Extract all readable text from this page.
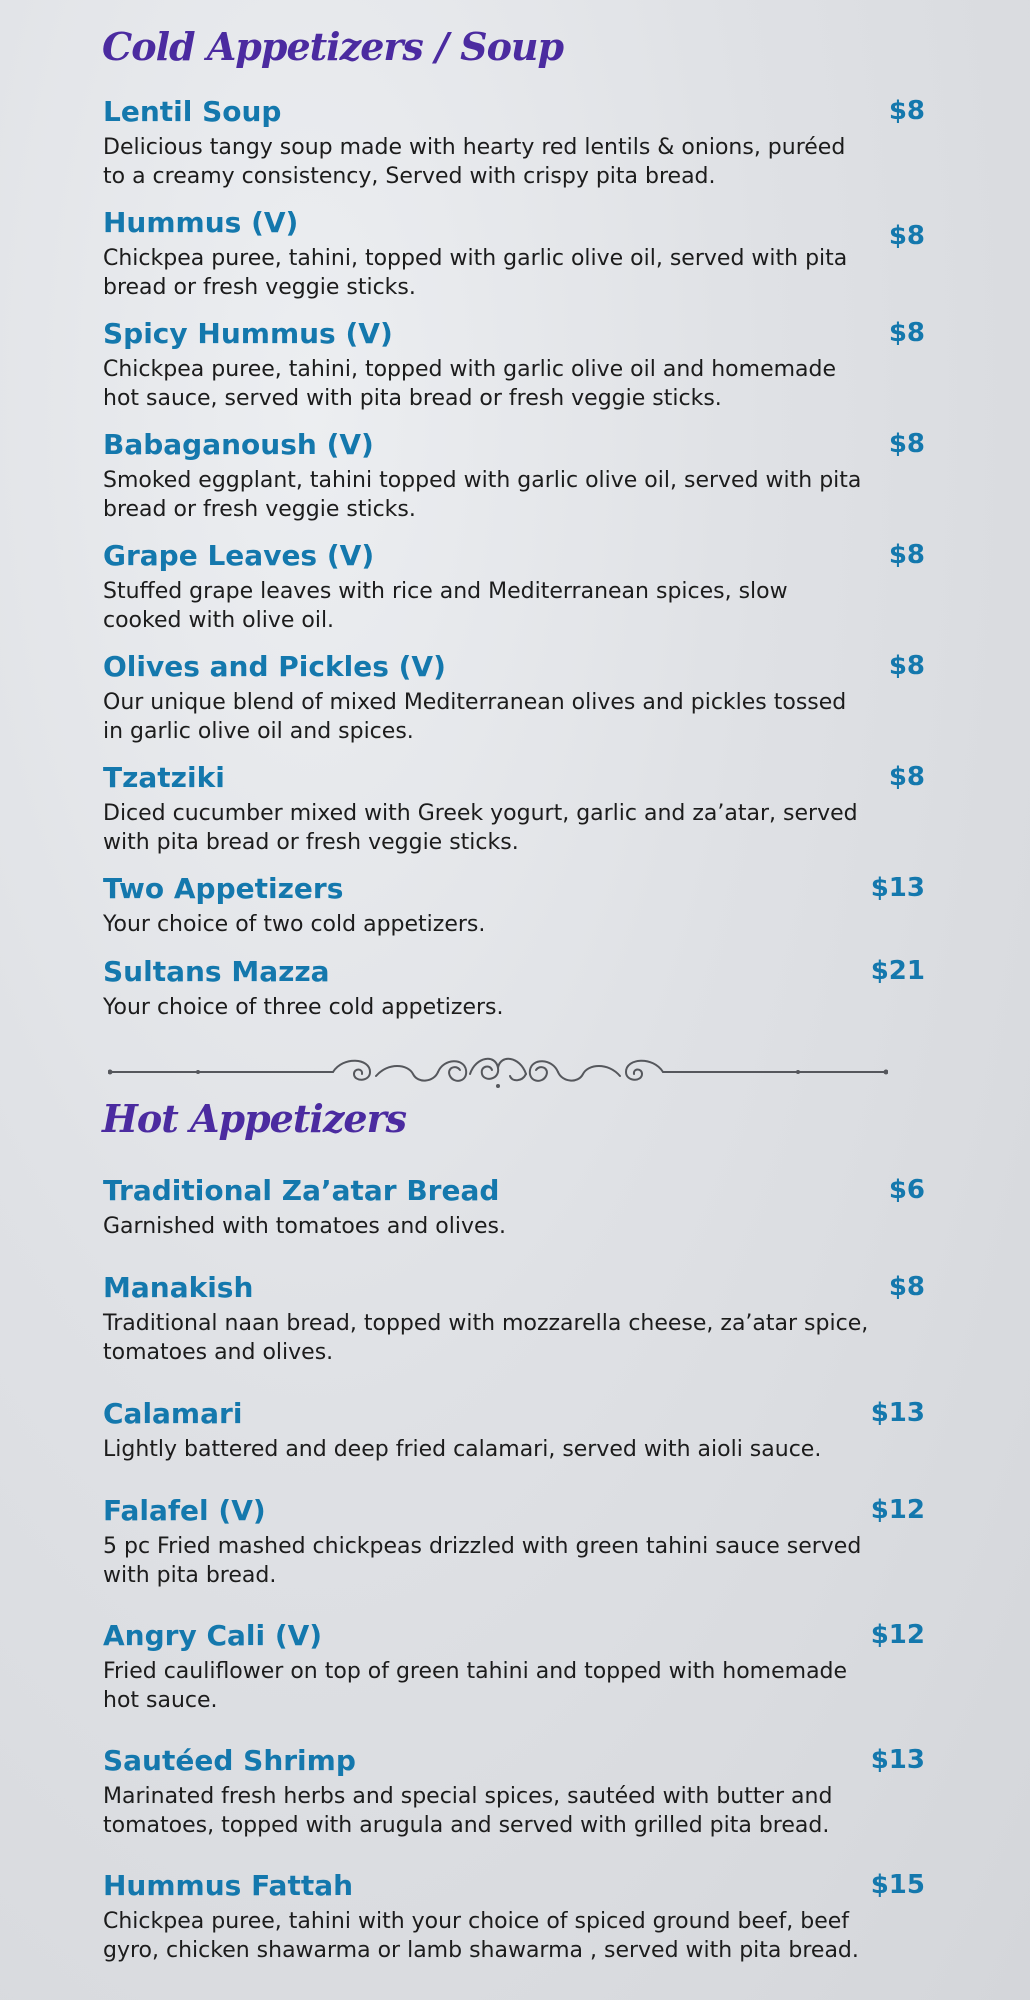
Cold Appetizers / Soup
Lentil Soup	$8
Delicious tangy soup made with hearty red lentils & onions, puréed to a creamy consistency, Served with crispy pita bread.
Hummus (V)	$8
Chickpea puree, tahini, topped with garlic olive oil, served with pita bread or fresh veggie sticks.
Spicy Hummus (V)	$8
Chickpea puree, tahini, topped with garlic olive oil and homemade hot sauce, served with pita bread or fresh veggie sticks.
Babaganoush (V)	$8
Smoked eggplant, tahini topped with garlic olive oil, served with pita bread or fresh veggie sticks.
Grape Leaves (V)	$8
Stuffed grape leaves with rice and Mediterranean spices, slow cooked with olive oil.
Olives and Pickles (V)	$8
Our unique blend of mixed Mediterranean olives and pickles tossed in garlic olive oil and spices.
Tzatziki	$8
Diced cucumber mixed with Greek yogurt, garlic and za’atar, served with pita bread or fresh veggie sticks.
Two Appetizers	$13
Your choice of two cold appetizers.
Sultans Mazza	$21
Your choice of three cold appetizers.
Hot Appetizers
Traditional Za’atar Bread	$6
Garnished with tomatoes and olives.
Manakish	$8
Traditional naan bread, topped with mozzarella cheese, za’atar spice, tomatoes and olives.
Calamari	$13
Lightly battered and deep fried calamari, served with aioli sauce.
Falafel (V)	$12
5 pc Fried mashed chickpeas drizzled with green tahini sauce served with pita bread.
Angry Cali (V)	$12
Fried cauliflower on top of green tahini and topped with homemade hot sauce.
Sautéed Shrimp	$13
Marinated fresh herbs and special spices, sautéed with butter and tomatoes, topped with arugula and served with grilled pita bread.
Hummus Fattah	$15
Chickpea puree, tahini with your choice of spiced ground beef, beef gyro, chicken shawarma or lamb shawarma , served with pita bread.
